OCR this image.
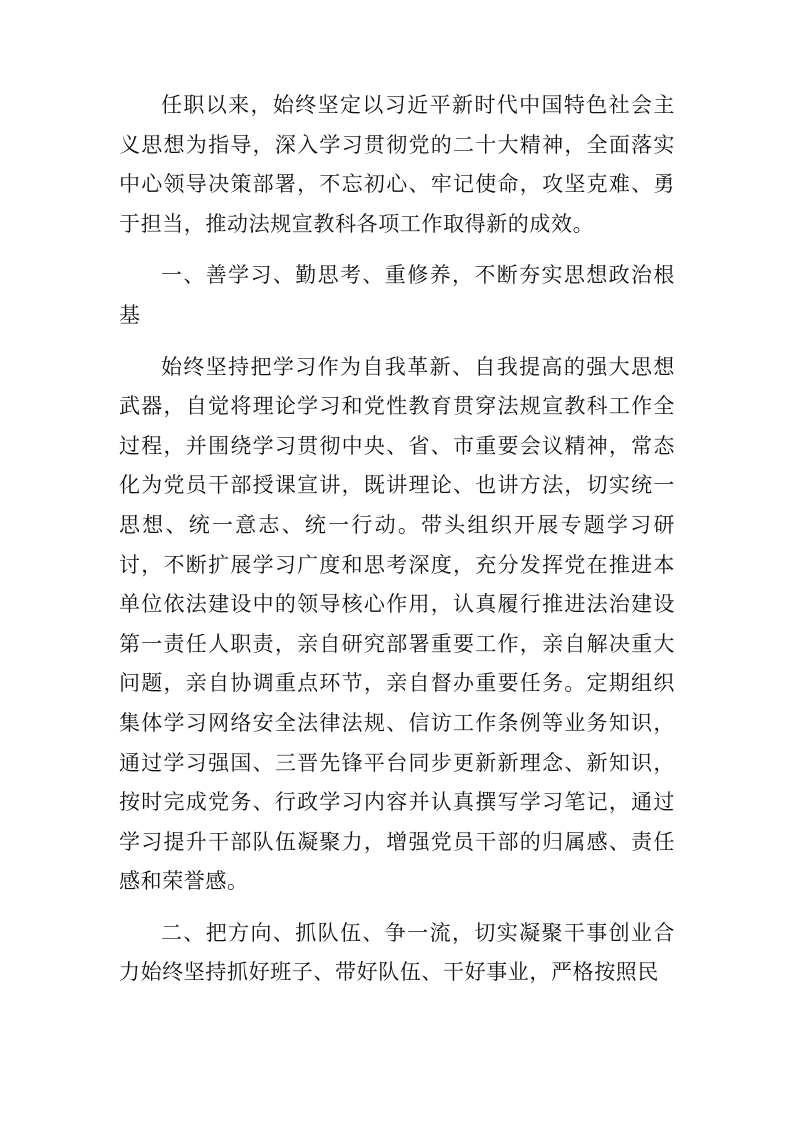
任职以来，始终坚定以习近平新时代中国特色社会主义思想为指导，深入学习贯彻党的二十大精神，全面落实中心领导决策部署，不忘初心、牢记使命，攻坚克难、勇于担当，推动法规宣教科各项工作取得新的成效。

一、善学习、勤思考、重修养，不断夯实思想政治根基

始终坚持把学习作为自我革新、自我提高的强大思想武器，自觉将理论学习和党性教育贯穿法规宣教科工作全过程，并围绕学习贯彻中央、省、市重要会议精神，常态化为党员干部授课宣讲，既讲理论、也讲方法，切实统一思想、统一意志、统一行动。带头组织开展专题学习研讨，不断扩展学习广度和思考深度，充分发挥党在推进本单位依法建设中的领导核心作用，认真履行推进法治建设第一责任人职责，亲自研究部署重要工作，亲自解决重大问题，亲自协调重点环节，亲自督办重要任务。定期组织集体学习网络安全法律法规、信访工作条例等业务知识，通过学习强国、三晋先锋平台同步更新新理念、新知识，按时完成党务、行政学习内容并认真撰写学习笔记，通过学习提升干部队伍凝聚力，增强党员干部的归属感、责任感和荣誉感。

二、把方向、抓队伍、争一流，切实凝聚干事创业合力始终坚持抓好班子、带好队伍、干好事业，严格按照民
